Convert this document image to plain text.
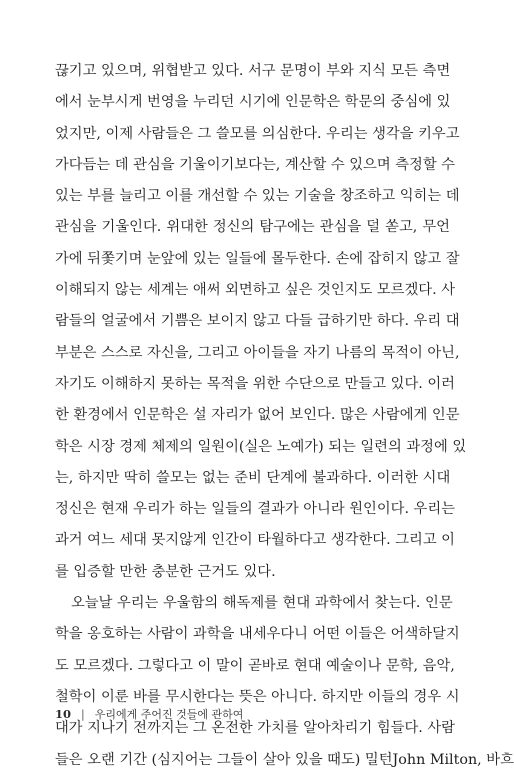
끊기고 있으며, 위협받고 있다. 서구 문명이 부와 지식 모든 측면
에서 눈부시게 번영을 누리던 시기에 인문학은 학문의 중심에 있
었지만, 이제 사람들은 그 쓸모를 의심한다. 우리는 생각을 키우고
가다듬는 데 관심을 기울이기보다는, 계산할 수 있으며 측정할 수
있는 부를 늘리고 이를 개선할 수 있는 기술을 창조하고 익히는 데
관심을 기울인다. 위대한 정신의 탐구에는 관심을 덜 쏟고, 무언
가에 뒤쫓기며 눈앞에 있는 일들에 몰두한다. 손에 잡히지 않고 잘
이해되지 않는 세계는 애써 외면하고 싶은 것인지도 모르겠다. 사
람들의 얼굴에서 기쁨은 보이지 않고 다들 급하기만 하다. 우리 대
부분은 스스로 자신을, 그리고 아이들을 자기 나름의 목적이 아닌,
자기도 이해하지 못하는 목적을 위한 수단으로 만들고 있다. 이러
한 환경에서 인문학은 설 자리가 없어 보인다. 많은 사람에게 인문
학은 시장 경제 체제의 일원이(실은 노예가) 되는 일련의 과정에 있
는, 하지만 딱히 쓸모는 없는 준비 단계에 불과하다. 이러한 시대
정신은 현재 우리가 하는 일들의 결과가 아니라 원인이다. 우리는
과거 여느 세대 못지않게 인간이 타월하다고 생각한다. 그리고 이
를 입증할 만한 충분한 근거도 있다.
오늘날 우리는 우울함의 해독제를 현대 과학에서 찾는다. 인문
학을 옹호하는 사람이 과학을 내세우다니 어떤 이들은 어색하달지
도 모르겠다. 그렇다고 이 말이 곧바로 현대 예술이나 문학, 음악,
철학이 이룬 바를 무시한다는 뜻은 아니다. 하지만 이들의 경우 시
대가 지나기 전까지는 그 온전한 가치를 알아차리기 힘들다. 사람
들은 오랜 기간 (심지어는 그들이 살아 있을 때도) 밀턴John Milton, 바흐
10 | 우리에게 주어진 것들에 관하여
